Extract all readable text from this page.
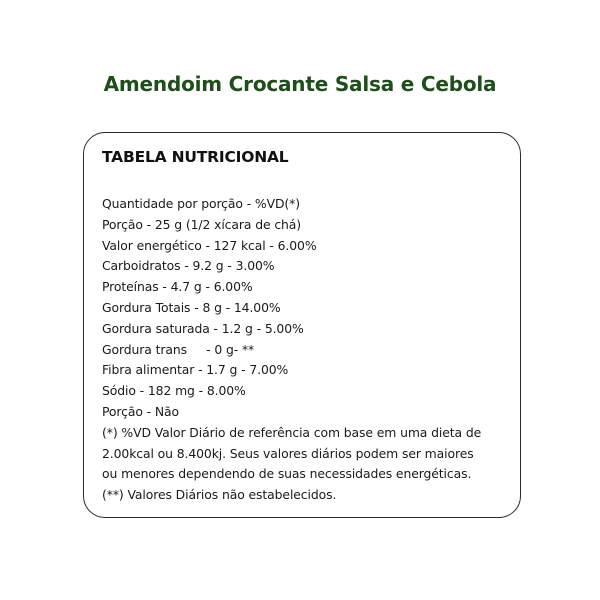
Amendoim Crocante Salsa e Cebola
TABELA NUTRICIONAL
Quantidade por porção - %VD(*)
Porção - 25 g (1/2 xícara de chá)
Valor energético - 127 kcal - 6.00%
Carboidratos - 9.2 g - 3.00%
Proteínas - 4.7 g - 6.00%
Gordura Totais - 8 g - 14.00%
Gordura saturada - 1.2 g - 5.00%
Gordura trans     - 0 g- **
Fibra alimentar - 1.7 g - 7.00%
Sódio - 182 mg - 8.00%
Porção - Não
(*) %VD Valor Diário de referência com base em uma dieta de
2.00kcal ou 8.400kj. Seus valores diários podem ser maiores
ou menores dependendo de suas necessidades energéticas.
(**) Valores Diários não estabelecidos.
